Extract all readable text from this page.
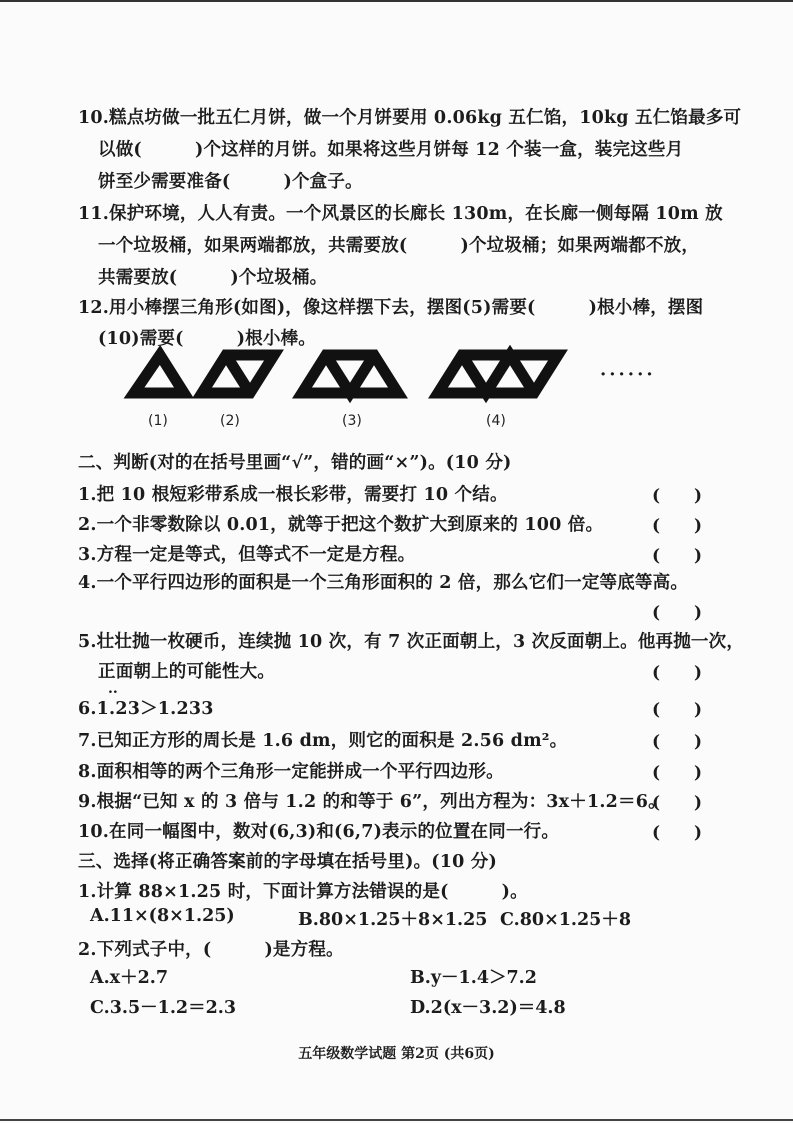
10.糕点坊做一批五仁月饼，做一个月饼要用 0.06kg 五仁馅，10kg 五仁馅最多可
以做(　　　)个这样的月饼。如果将这些月饼每 12 个装一盒，装完这些月
饼至少需要准备(　　　)个盒子。
11.保护环境，人人有责。一个风景区的长廊长 130m，在长廊一侧每隔 10m 放
一个垃圾桶，如果两端都放，共需要放(　　　)个垃圾桶；如果两端都不放，
共需要放(　　　)个垃圾桶。
12.用小棒摆三角形(如图)，像这样摆下去，摆图(5)需要(　　　)根小棒，摆图
(10)需要(　　　)根小棒。
(1)	(2)	(3)	(4)
······
二、判断(对的在括号里画“√”，错的画“×”)。(10 分)
1.把 10 根短彩带系成一根长彩带，需要打 10 个结。	(　　)
2.一个非零数除以 0.01，就等于把这个数扩大到原来的 100 倍。	(　　)
3.方程一定是等式，但等式不一定是方程。	(　　)
4.一个平行四边形的面积是一个三角形面积的 2 倍，那么它们一定等底等高。
(　　)
5.壮壮抛一枚硬币，连续抛 10 次，有 7 次正面朝上，3 次反面朝上。他再抛一次，
正面朝上的可能性大。	(　　)
..
6.1.23＞1.233	(　　)
7.已知正方形的周长是 1.6 dm，则它的面积是 2.56 dm²。	(　　)
8.面积相等的两个三角形一定能拼成一个平行四边形。	(　　)
9.根据“已知 x 的 3 倍与 1.2 的和等于 6”，列出方程为：3x＋1.2＝6。
(　　)
10.在同一幅图中，数对(6,3)和(6,7)表示的位置在同一行。	(　　)
三、选择(将正确答案前的字母填在括号里)。(10 分)
1.计算 88×1.25 时，下面计算方法错误的是(　　　)。
A.11×(8×1.25)	B.80×1.25＋8×1.25 C.80×1.25＋8
2.下列式子中，(　　　)是方程。
A.x＋2.7	B.y－1.4＞7.2
C.3.5－1.2＝2.3	D.2(x－3.2)＝4.8
五年级数学试题 第2页 (共6页)
